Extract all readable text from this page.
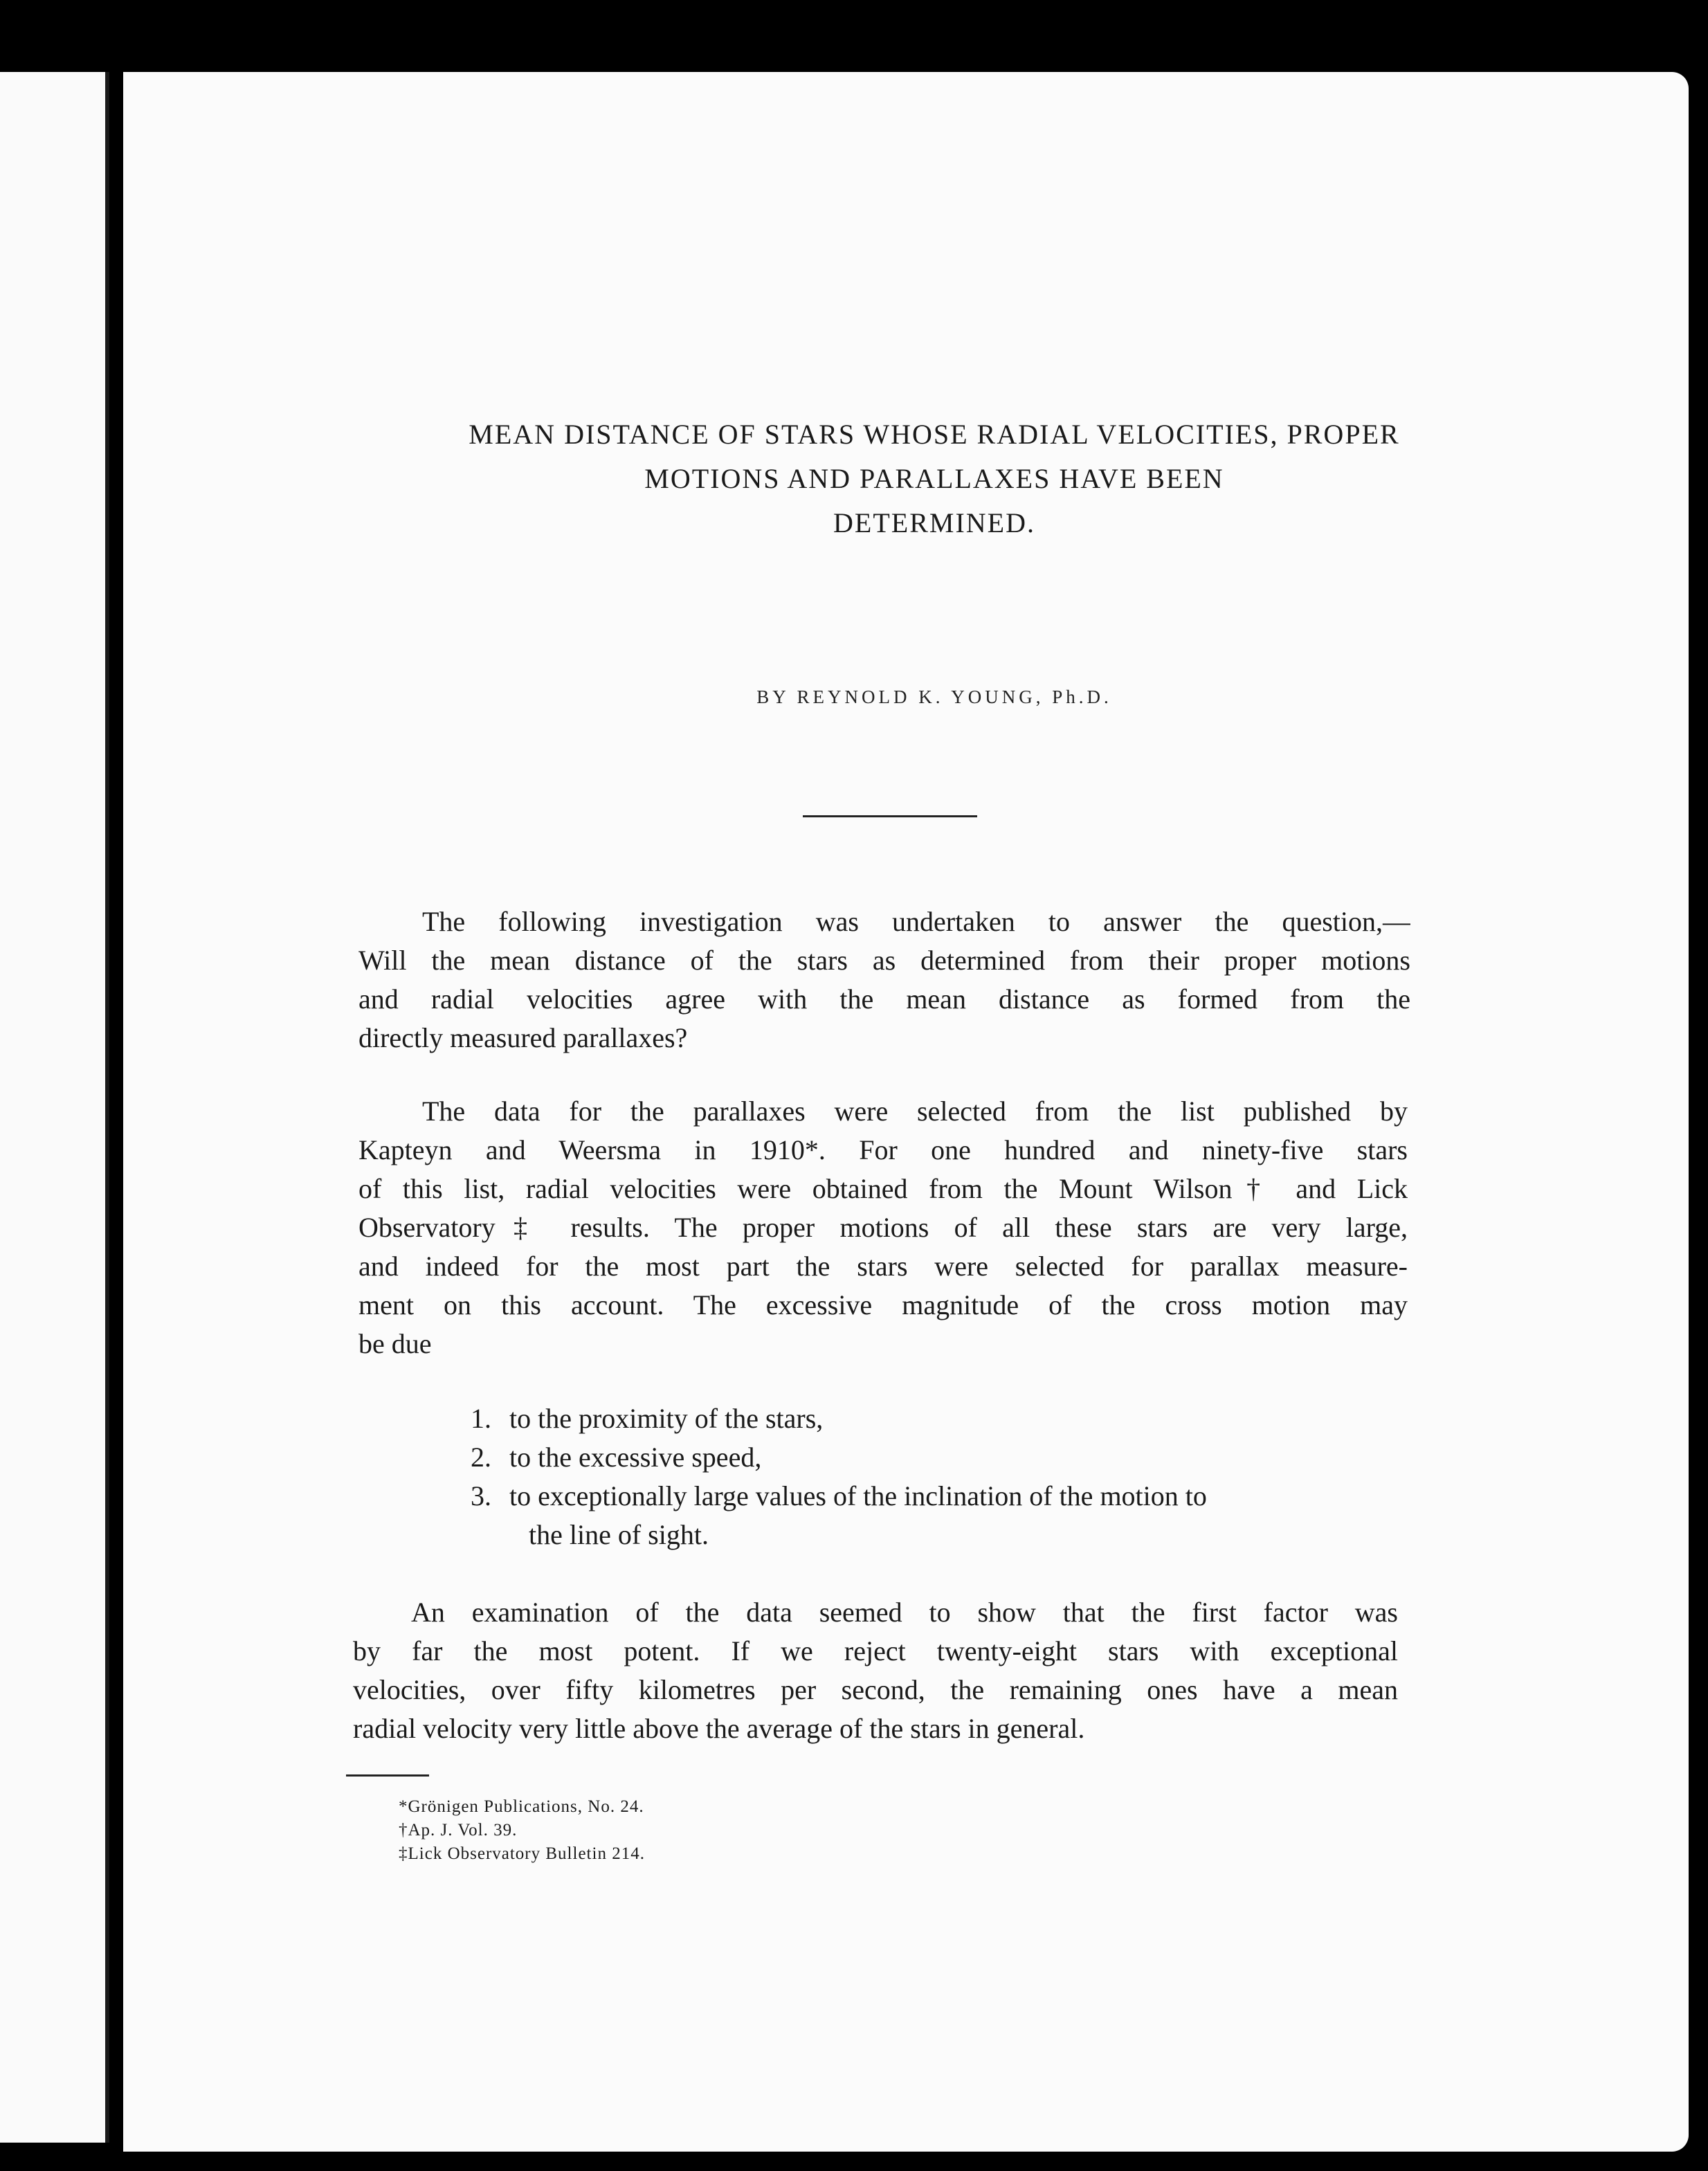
MEAN DISTANCE OF STARS WHOSE RADIAL VELOCITIES, PROPER
MOTIONS AND PARALLAXES HAVE BEEN
DETERMINED.
BY REYNOLD K. YOUNG, Ph.D.

The following investigation was undertaken to answer the question,—
Will the mean distance of the stars as determined from their proper motions
and radial velocities agree with the mean distance as formed from the
directly measured parallaxes?

The data for the parallaxes were selected from the list published by
Kapteyn and Weersma in 1910*. For one hundred and ninety-five stars
of this list, radial velocities were obtained from the Mount Wilson† and Lick
Observatory‡ results. The proper motions of all these stars are very large,
and indeed for the most part the stars were selected for parallax measure-
ment on this account. The excessive magnitude of the cross motion may
be due

1. to the proximity of the stars,
2. to the excessive speed,
3. to exceptionally large values of the inclination of the motion to
the line of sight.

An examination of the data seemed to show that the first factor was
by far the most potent. If we reject twenty-eight stars with exceptional
velocities, over fifty kilometres per second, the remaining ones have a mean
radial velocity very little above the average of the stars in general.

*Grönigen Publications, No. 24.
†Ap. J. Vol. 39.
‡Lick Observatory Bulletin 214.
